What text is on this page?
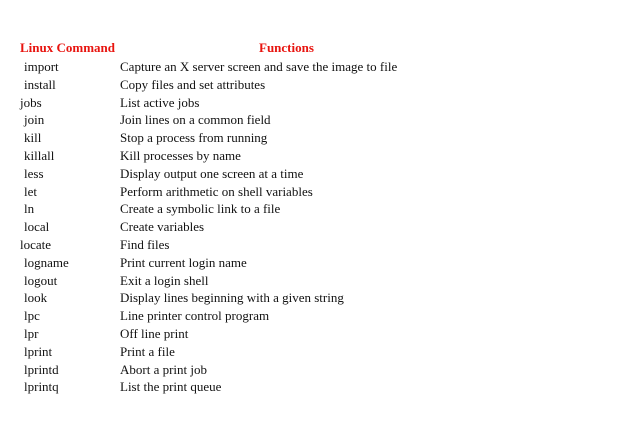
Linux Command	Functions
import	Capture an X server screen and save the image to file
install	Copy files and set attributes
jobs	List active jobs
join	Join lines on a common field
kill	Stop a process from running
killall	Kill processes by name
less	Display output one screen at a time
let	Perform arithmetic on shell variables
ln	Create a symbolic link to a file
local	Create variables
locate	Find files
logname	Print current login name
logout	Exit a login shell
look	Display lines beginning with a given string
lpc	Line printer control program
lpr	Off line print
lprint	Print a file
lprintd	Abort a print job
lprintq	List the print queue
